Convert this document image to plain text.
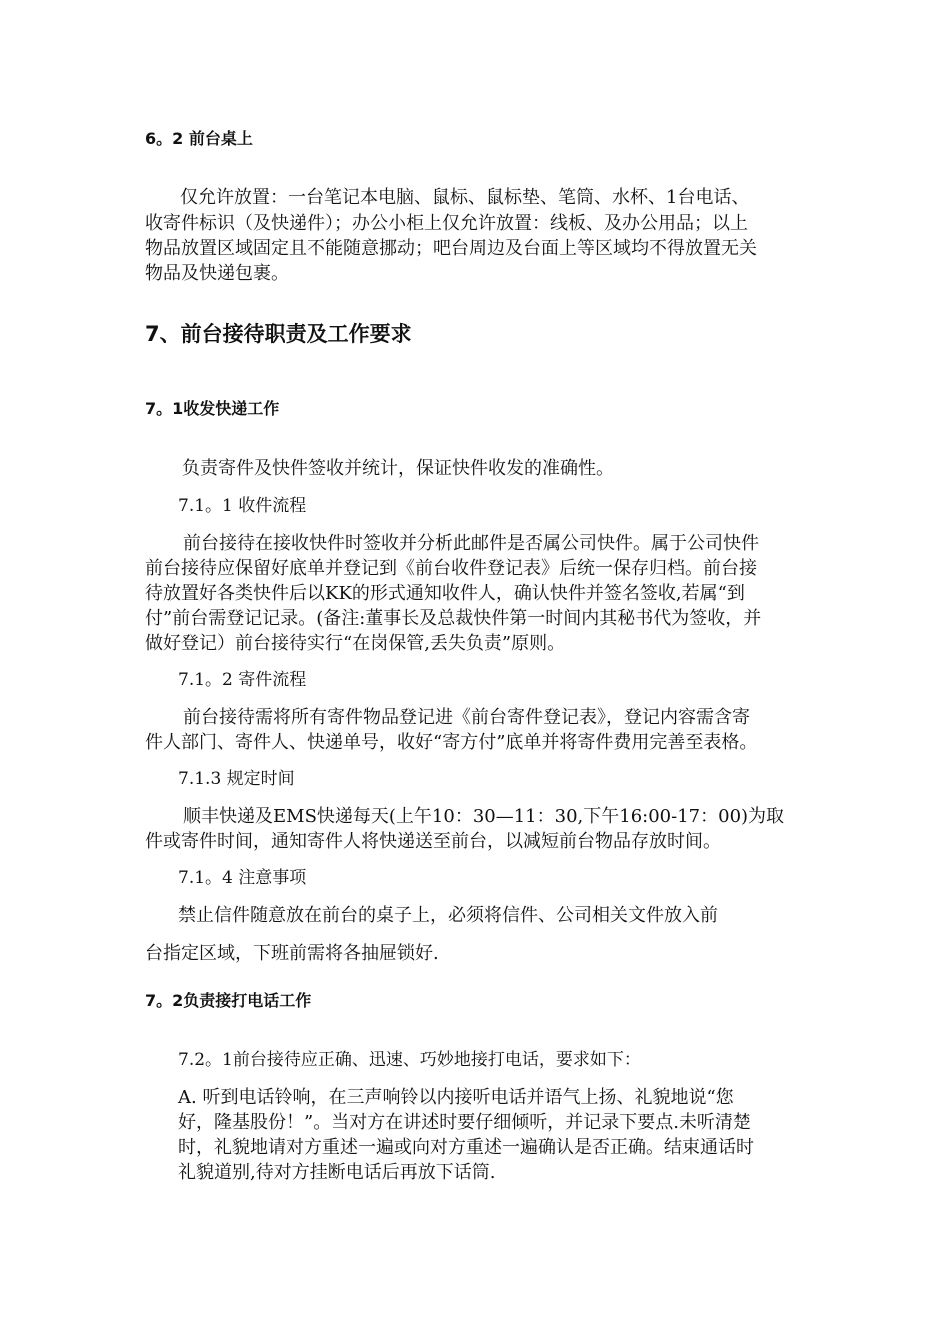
6。2 前台桌上
仅允许放置：一台笔记本电脑、鼠标、鼠标垫、笔筒、水杯、1台电话、
收寄件标识（及快递件）；办公小柜上仅允许放置：线板、及办公用品；以上
物品放置区域固定且不能随意挪动；吧台周边及台面上等区域均不得放置无关
物品及快递包裹。
7、前台接待职责及工作要求
7。1收发快递工作
负责寄件及快件签收并统计，保证快件收发的准确性。
7.1。1 收件流程
前台接待在接收快件时签收并分析此邮件是否属公司快件。属于公司快件
前台接待应保留好底单并登记到《前台收件登记表》后统一保存归档。前台接
待放置好各类快件后以KK的形式通知收件人，确认快件并签名签收,若属“到
付”前台需登记记录。(备注:董事长及总裁快件第一时间内其秘书代为签收，并
做好登记）前台接待实行“在岗保管,丢失负责”原则。
7.1。2 寄件流程
前台接待需将所有寄件物品登记进《前台寄件登记表》，登记内容需含寄
件人部门、寄件人、快递单号，收好“寄方付”底单并将寄件费用完善至表格。
7.1.3 规定时间
顺丰快递及EMS快递每天(上午10：30—11：30,下午16:00-17：00)为取
件或寄件时间，通知寄件人将快递送至前台，以减短前台物品存放时间。
7.1。4 注意事项
禁止信件随意放在前台的桌子上，必须将信件、公司相关文件放入前
台指定区域，下班前需将各抽屉锁好.
7。2负责接打电话工作
7.2。1前台接待应正确、迅速、巧妙地接打电话，要求如下：
A. 听到电话铃响，在三声响铃以内接听电话并语气上扬、礼貌地说“您
好，隆基股份！”。当对方在讲述时要仔细倾听，并记录下要点.未听清楚
时，礼貌地请对方重述一遍或向对方重述一遍确认是否正确。结束通话时
礼貌道别,待对方挂断电话后再放下话筒.
